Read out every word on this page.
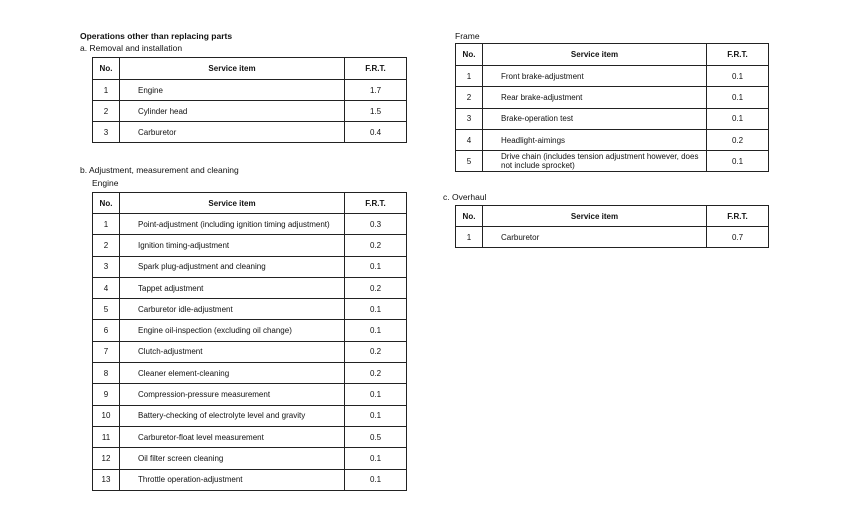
Operations other than replacing parts
a. Removal and installation
b. Adjustment, measurement and cleaning
Engine
Frame
c. Overhaul
No.	Service item	F.R.T.
1	Engine	1.7
2	Cylinder head	1.5
3	Carburetor	0.4
No.	Service item	F.R.T.
1	Point-adjustment (including ignition timing adjustment)	0.3
2	Ignition timing-adjustment	0.2
3	Spark plug-adjustment and cleaning	0.1
4	Tappet adjustment	0.2
5	Carburetor idle-adjustment	0.1
6	Engine oil-inspection (excluding oil change)	0.1
7	Clutch-adjustment	0.2
8	Cleaner element-cleaning	0.2
9	Compression-pressure measurement	0.1
10	Battery-checking of electrolyte level and gravity	0.1
11	Carburetor-float level measurement	0.5
12	Oil filter screen cleaning	0.1
13	Throttle operation-adjustment	0.1
No.	Service item	F.R.T.
1	Front brake-adjustment	0.1
2	Rear brake-adjustment	0.1
3	Brake-operation test	0.1
4	Headlight-aimings	0.2
5	Drive chain (includes tension adjustment however, does not include sprocket)	0.1
No.	Service item	F.R.T.
1	Carburetor	0.7
